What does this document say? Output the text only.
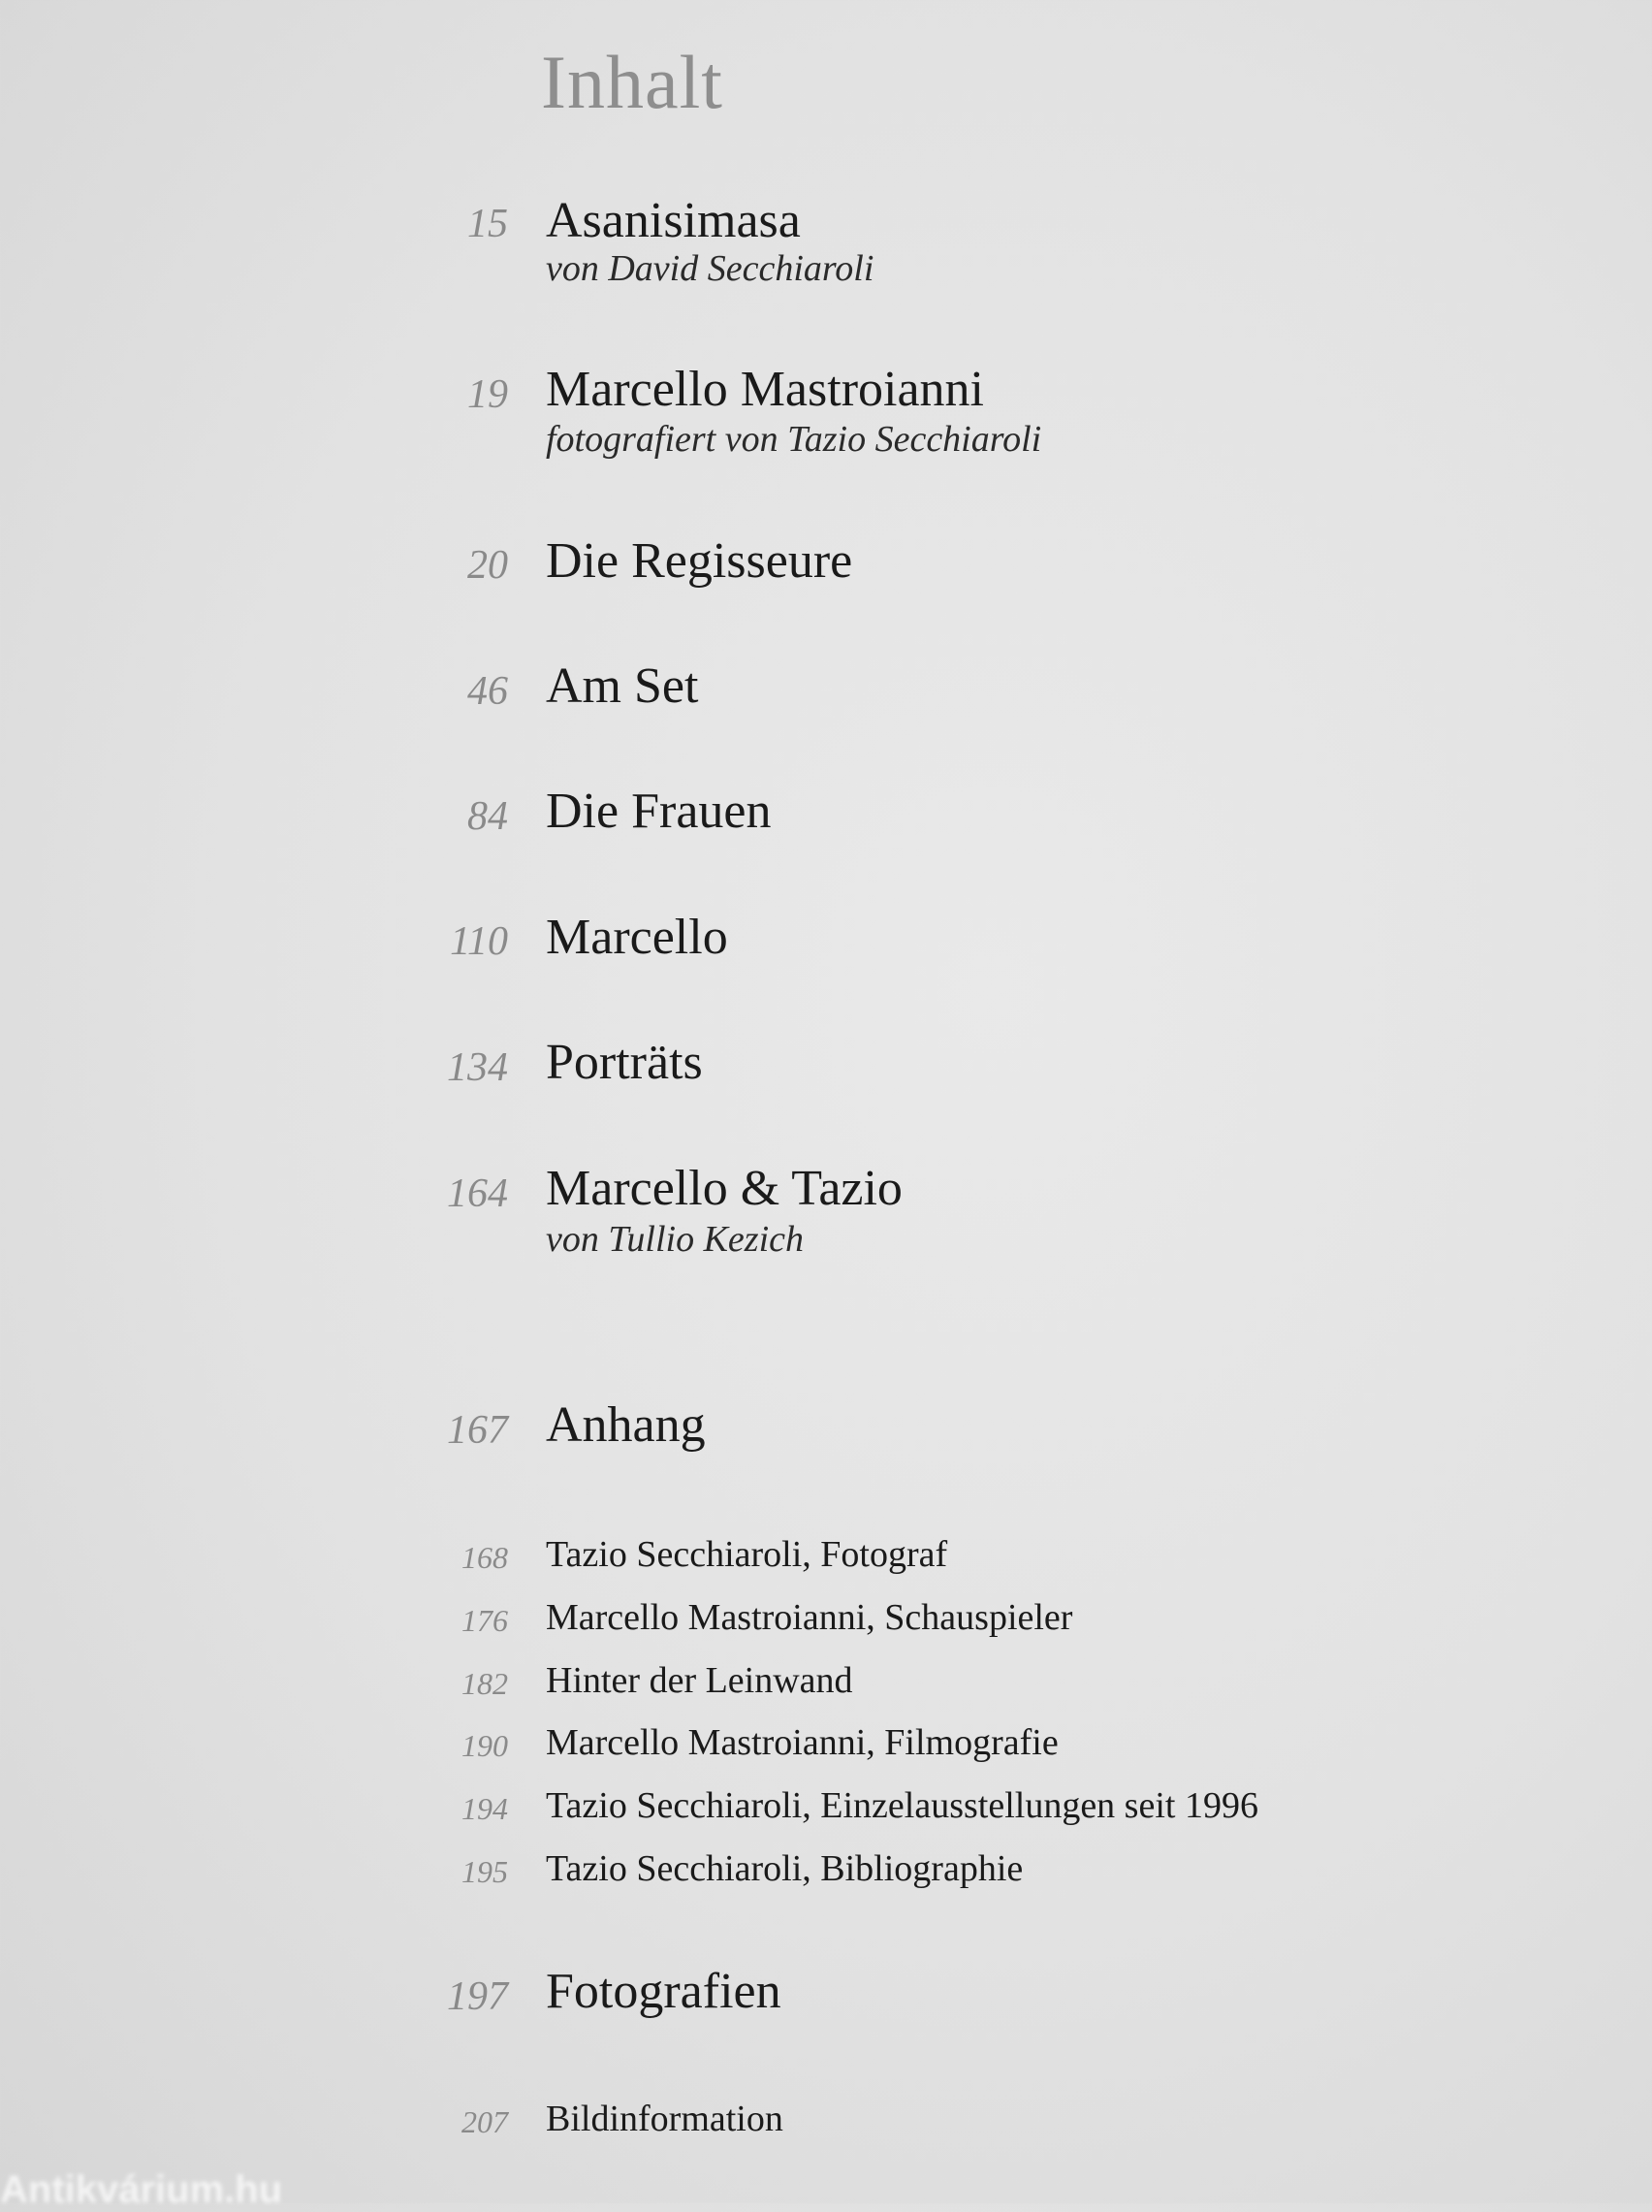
Inhalt
15 Asanisimasa
von David Secchiaroli
19 Marcello Mastroianni
fotografiert von Tazio Secchiaroli
20 Die Regisseure
46 Am Set
84 Die Frauen
110 Marcello
134 Porträts
164 Marcello & Tazio
von Tullio Kezich
167 Anhang
168 Tazio Secchiaroli, Fotograf
176 Marcello Mastroianni, Schauspieler
182 Hinter der Leinwand
190 Marcello Mastroianni, Filmografie
194 Tazio Secchiaroli, Einzelausstellungen seit 1996
195 Tazio Secchiaroli, Bibliographie
197 Fotografien
207 Bildinformation
Antikvárium.hu
